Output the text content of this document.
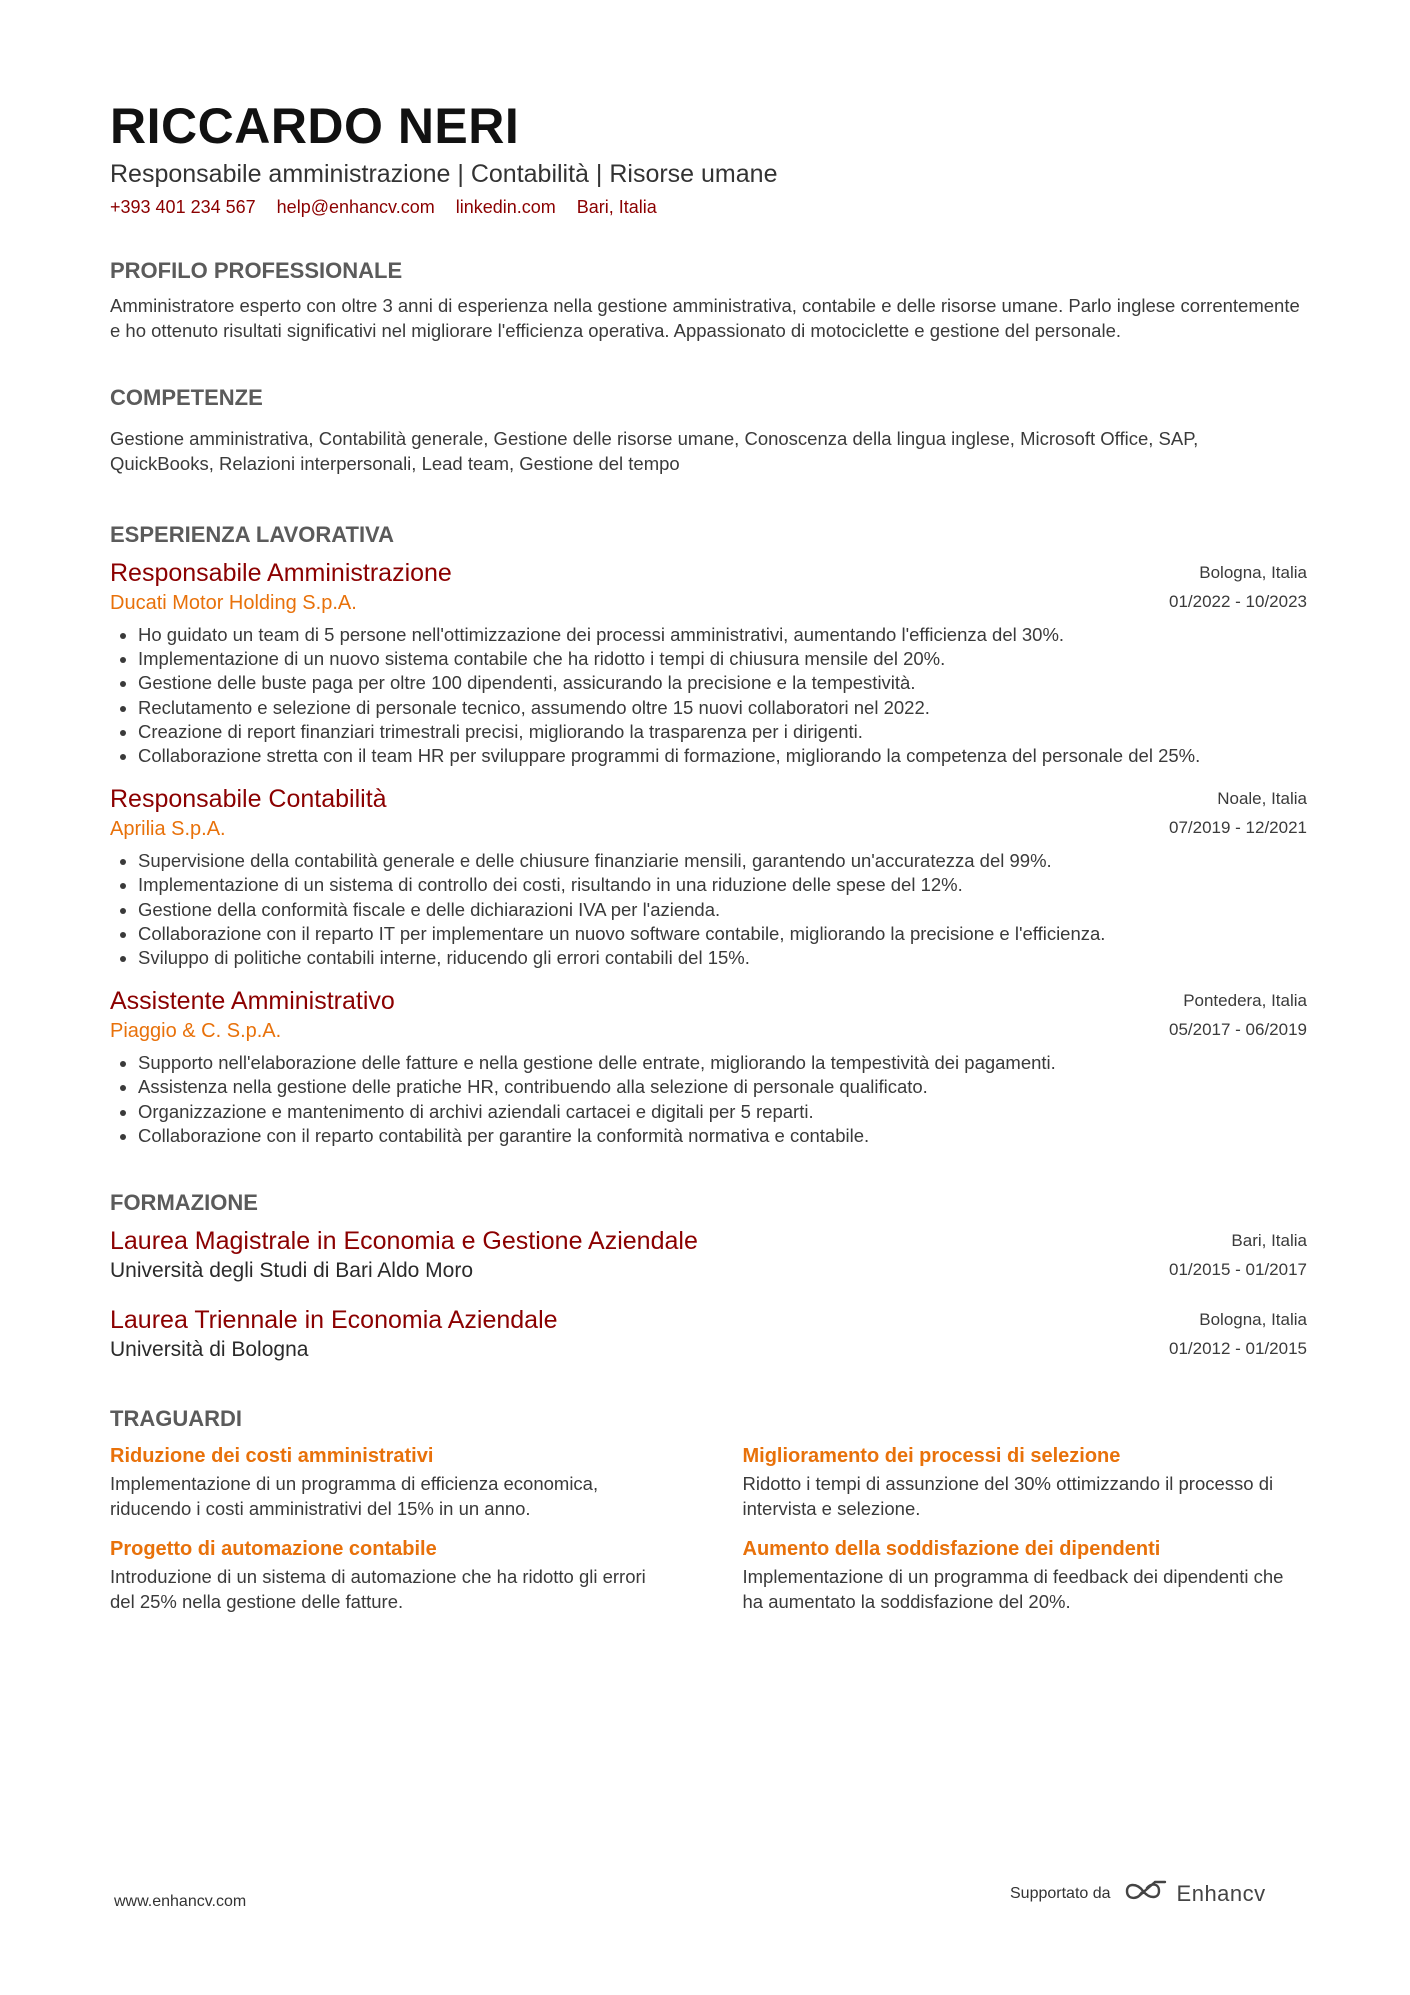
RICCARDO NERI
Responsabile amministrazione | Contabilità | Risorse umane
+393 401 234 567 help@enhancv.com linkedin.com Bari, Italia
PROFILO PROFESSIONALE
Amministratore esperto con oltre 3 anni di esperienza nella gestione amministrativa, contabile e delle risorse umane. Parlo inglese correntemente e ho ottenuto risultati significativi nel migliorare l'efficienza operativa. Appassionato di motociclette e gestione del personale.
COMPETENZE
Gestione amministrativa, Contabilità generale, Gestione delle risorse umane, Conoscenza della lingua inglese, Microsoft Office, SAP, QuickBooks, Relazioni interpersonali, Lead team, Gestione del tempo
ESPERIENZA LAVORATIVA
Responsabile Amministrazione
Ducati Motor Holding S.p.A.
Bologna, Italia
01/2022 - 10/2023
• Ho guidato un team di 5 persone nell'ottimizzazione dei processi amministrativi, aumentando l'efficienza del 30%.
• Implementazione di un nuovo sistema contabile che ha ridotto i tempi di chiusura mensile del 20%.
• Gestione delle buste paga per oltre 100 dipendenti, assicurando la precisione e la tempestività.
• Reclutamento e selezione di personale tecnico, assumendo oltre 15 nuovi collaboratori nel 2022.
• Creazione di report finanziari trimestrali precisi, migliorando la trasparenza per i dirigenti.
• Collaborazione stretta con il team HR per sviluppare programmi di formazione, migliorando la competenza del personale del 25%.
Responsabile Contabilità
Aprilia S.p.A.
Noale, Italia
07/2019 - 12/2021
• Supervisione della contabilità generale e delle chiusure finanziarie mensili, garantendo un'accuratezza del 99%.
• Implementazione di un sistema di controllo dei costi, risultando in una riduzione delle spese del 12%.
• Gestione della conformità fiscale e delle dichiarazioni IVA per l'azienda.
• Collaborazione con il reparto IT per implementare un nuovo software contabile, migliorando la precisione e l'efficienza.
• Sviluppo di politiche contabili interne, riducendo gli errori contabili del 15%.
Assistente Amministrativo
Piaggio & C. S.p.A.
Pontedera, Italia
05/2017 - 06/2019
• Supporto nell'elaborazione delle fatture e nella gestione delle entrate, migliorando la tempestività dei pagamenti.
• Assistenza nella gestione delle pratiche HR, contribuendo alla selezione di personale qualificato.
• Organizzazione e mantenimento di archivi aziendali cartacei e digitali per 5 reparti.
• Collaborazione con il reparto contabilità per garantire la conformità normativa e contabile.
FORMAZIONE
Laurea Magistrale in Economia e Gestione Aziendale
Università degli Studi di Bari Aldo Moro
Bari, Italia
01/2015 - 01/2017
Laurea Triennale in Economia Aziendale
Università di Bologna
Bologna, Italia
01/2012 - 01/2015
TRAGUARDI
Riduzione dei costi amministrativi
Implementazione di un programma di efficienza economica, riducendo i costi amministrativi del 15% in un anno.
Miglioramento dei processi di selezione
Ridotto i tempi di assunzione del 30% ottimizzando il processo di intervista e selezione.
Progetto di automazione contabile
Introduzione di un sistema di automazione che ha ridotto gli errori del 25% nella gestione delle fatture.
Aumento della soddisfazione dei dipendenti
Implementazione di un programma di feedback dei dipendenti che ha aumentato la soddisfazione del 20%.
www.enhancv.com	Supportato da	Enhancv
